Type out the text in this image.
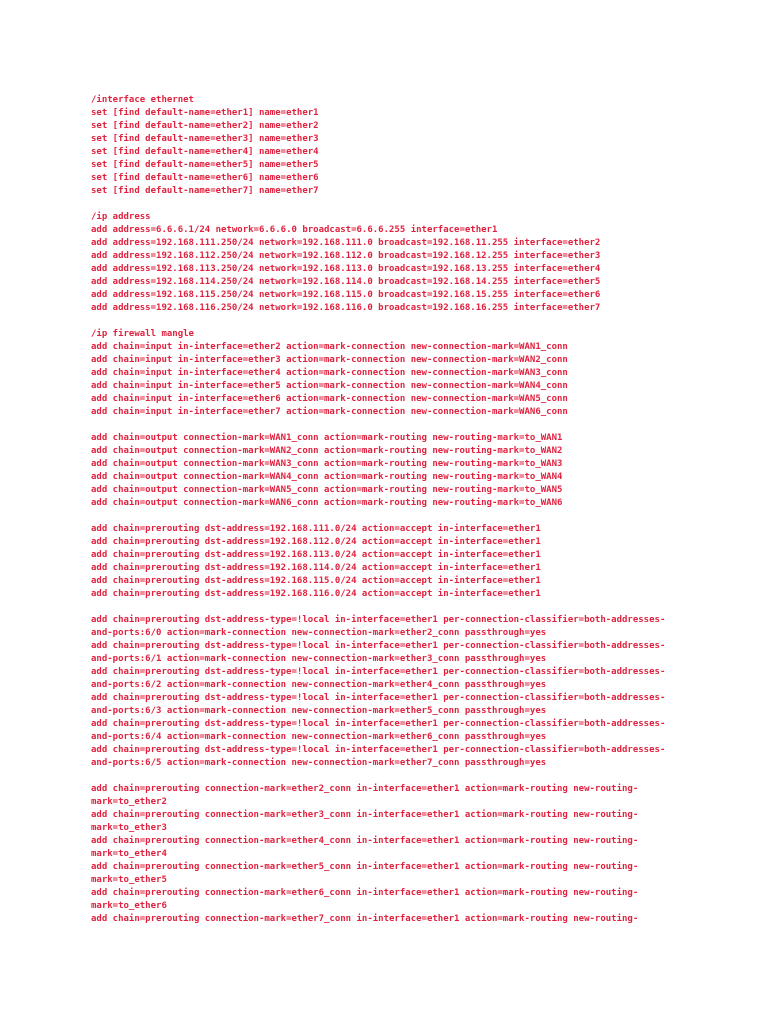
/interface ethernet
set [find default-name=ether1] name=ether1
set [find default-name=ether2] name=ether2
set [find default-name=ether3] name=ether3
set [find default-name=ether4] name=ether4
set [find default-name=ether5] name=ether5
set [find default-name=ether6] name=ether6
set [find default-name=ether7] name=ether7
/ip address
add address=6.6.6.1/24 network=6.6.6.0 broadcast=6.6.6.255 interface=ether1
add address=192.168.111.250/24 network=192.168.111.0 broadcast=192.168.11.255 interface=ether2
add address=192.168.112.250/24 network=192.168.112.0 broadcast=192.168.12.255 interface=ether3
add address=192.168.113.250/24 network=192.168.113.0 broadcast=192.168.13.255 interface=ether4
add address=192.168.114.250/24 network=192.168.114.0 broadcast=192.168.14.255 interface=ether5
add address=192.168.115.250/24 network=192.168.115.0 broadcast=192.168.15.255 interface=ether6
add address=192.168.116.250/24 network=192.168.116.0 broadcast=192.168.16.255 interface=ether7
/ip firewall mangle
add chain=input in-interface=ether2 action=mark-connection new-connection-mark=WAN1_conn
add chain=input in-interface=ether3 action=mark-connection new-connection-mark=WAN2_conn
add chain=input in-interface=ether4 action=mark-connection new-connection-mark=WAN3_conn
add chain=input in-interface=ether5 action=mark-connection new-connection-mark=WAN4_conn
add chain=input in-interface=ether6 action=mark-connection new-connection-mark=WAN5_conn
add chain=input in-interface=ether7 action=mark-connection new-connection-mark=WAN6_conn
add chain=output connection-mark=WAN1_conn action=mark-routing new-routing-mark=to_WAN1
add chain=output connection-mark=WAN2_conn action=mark-routing new-routing-mark=to_WAN2
add chain=output connection-mark=WAN3_conn action=mark-routing new-routing-mark=to_WAN3
add chain=output connection-mark=WAN4_conn action=mark-routing new-routing-mark=to_WAN4
add chain=output connection-mark=WAN5_conn action=mark-routing new-routing-mark=to_WAN5
add chain=output connection-mark=WAN6_conn action=mark-routing new-routing-mark=to_WAN6
add chain=prerouting dst-address=192.168.111.0/24 action=accept in-interface=ether1
add chain=prerouting dst-address=192.168.112.0/24 action=accept in-interface=ether1
add chain=prerouting dst-address=192.168.113.0/24 action=accept in-interface=ether1
add chain=prerouting dst-address=192.168.114.0/24 action=accept in-interface=ether1
add chain=prerouting dst-address=192.168.115.0/24 action=accept in-interface=ether1
add chain=prerouting dst-address=192.168.116.0/24 action=accept in-interface=ether1
add chain=prerouting dst-address-type=!local in-interface=ether1 per-connection-classifier=both-addresses-
and-ports:6/0 action=mark-connection new-connection-mark=ether2_conn passthrough=yes
add chain=prerouting dst-address-type=!local in-interface=ether1 per-connection-classifier=both-addresses-
and-ports:6/1 action=mark-connection new-connection-mark=ether3_conn passthrough=yes
add chain=prerouting dst-address-type=!local in-interface=ether1 per-connection-classifier=both-addresses-
and-ports:6/2 action=mark-connection new-connection-mark=ether4_conn passthrough=yes
add chain=prerouting dst-address-type=!local in-interface=ether1 per-connection-classifier=both-addresses-
and-ports:6/3 action=mark-connection new-connection-mark=ether5_conn passthrough=yes
add chain=prerouting dst-address-type=!local in-interface=ether1 per-connection-classifier=both-addresses-
and-ports:6/4 action=mark-connection new-connection-mark=ether6_conn passthrough=yes
add chain=prerouting dst-address-type=!local in-interface=ether1 per-connection-classifier=both-addresses-
and-ports:6/5 action=mark-connection new-connection-mark=ether7_conn passthrough=yes
add chain=prerouting connection-mark=ether2_conn in-interface=ether1 action=mark-routing new-routing-
mark=to_ether2
add chain=prerouting connection-mark=ether3_conn in-interface=ether1 action=mark-routing new-routing-
mark=to_ether3
add chain=prerouting connection-mark=ether4_conn in-interface=ether1 action=mark-routing new-routing-
mark=to_ether4
add chain=prerouting connection-mark=ether5_conn in-interface=ether1 action=mark-routing new-routing-
mark=to_ether5
add chain=prerouting connection-mark=ether6_conn in-interface=ether1 action=mark-routing new-routing-
mark=to_ether6
add chain=prerouting connection-mark=ether7_conn in-interface=ether1 action=mark-routing new-routing-
